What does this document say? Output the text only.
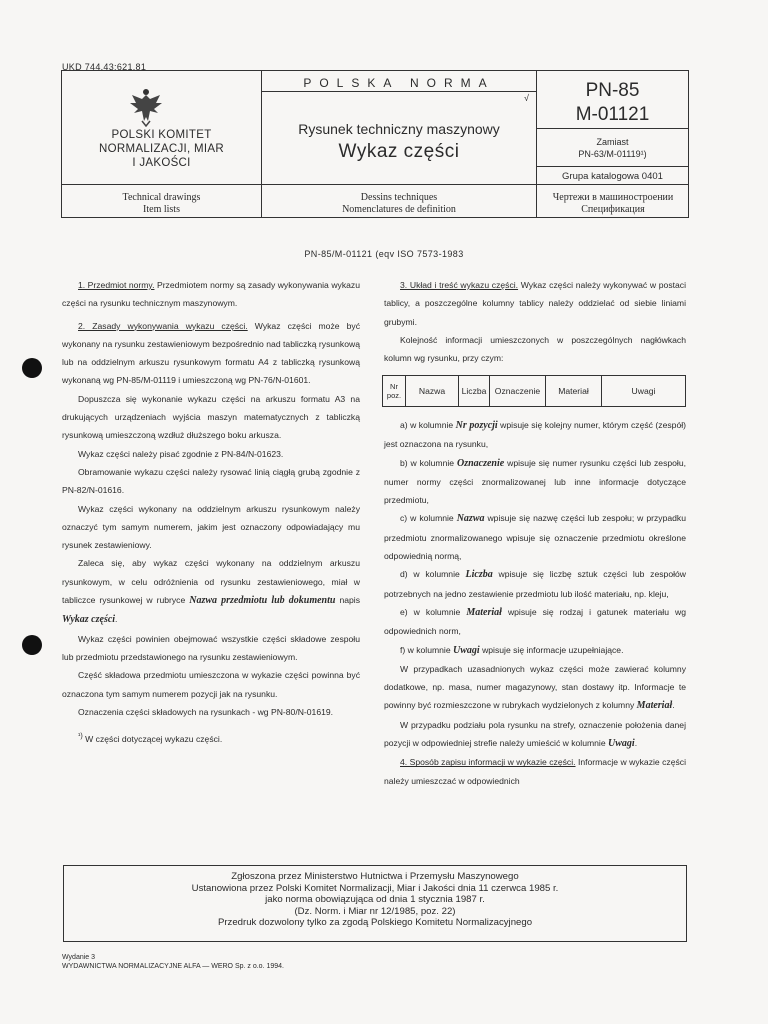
UKD 744.43:621.81
POLSKI KOMITET
NORMALIZACJI, MIAR
I JAKOŚCI
POLSKA NORMA
√
Rysunek techniczny maszynowy
Wykaz części
PN-85
M-01121
Zamiast
PN-63/M-01119¹)
Grupa katalogowa 0401
Technical drawings
Item lists
Dessins techniques
Nomenclatures de definition
Чертежи в машиностроении
Спецификация
PN-85/M-01121 (eqv ISO 7573-1983

1. Przedmiot normy. Przedmiotem normy są zasady wykonywania wykazu części na rysunku technicznym maszynowym.

2. Zasady wykonywania wykazu części. Wykaz części może być wykonany na rysunku zestawieniowym bezpośrednio nad tabliczką rysunkową lub na oddzielnym arkuszu rysunkowym formatu A4 z tabliczką rysunkową wykonaną wg PN-85/M-01119 i umieszczoną wg PN-76/N-01601.

Dopuszcza się wykonanie wykazu części na arkuszu formatu A3 na drukujących urządzeniach wyjścia maszyn matematycznych z tabliczką rysunkową umieszczoną wzdłuż dłuższego boku arkusza.

Wykaz części należy pisać zgodnie z PN-84/N-01623.

Obramowanie wykazu części należy rysować linią ciągłą grubą zgodnie z PN-82/N-01616.

Wykaz części wykonany na oddzielnym arkuszu rysunkowym należy oznaczyć tym samym numerem, jakim jest oznaczony odpowiadający mu rysunek zestawieniowy.

Zaleca się, aby wykaz części wykonany na oddzielnym arkuszu rysunkowym, w celu odróżnienia od rysunku zestawieniowego, miał w tabliczce rysunkowej w rubryce Nazwa przedmiotu lub dokumentu napis Wykaz części.

Wykaz części powinien obejmować wszystkie części składowe zespołu lub przedmiotu przedstawionego na rysunku zestawieniowym.

Część składowa przedmiotu umieszczona w wykazie części powinna być oznaczona tym samym numerem pozycji jak na rysunku.

Oznaczenia części składowych na rysunkach - wg PN-80/N-01619.

$^{^1)}$ W części dotyczącej wykazu części.

3. Układ i treść wykazu części. Wykaz części należy wykonywać w postaci tablicy, a poszczególne kolumny tablicy należy oddzielać od siebie liniami grubymi.

Kolejność informacji umieszczonych w poszczególnych nagłówkach kolumn wg rysunku, przy czym:

Nr poz.	Nazwa	Liczba	Oznaczenie	Materiał	Uwagi

a) w kolumnie Nr pozycji wpisuje się kolejny numer, którym część (zespół) jest oznaczona na rysunku,

b) w kolumnie Oznaczenie wpisuje się numer rysunku części lub zespołu, numer normy części znormalizowanej lub inne informacje dotyczące przedmiotu,

c) w kolumnie Nazwa wpisuje się nazwę części lub zespołu; w przypadku przedmiotu znormalizowanego wpisuje się oznaczenie przedmiotu określone odpowiednią normą,

d) w kolumnie Liczba wpisuje się liczbę sztuk części lub zespołów potrzebnych na jedno zestawienie przedmiotu lub ilość materiału, np. kleju,

e) w kolumnie Materiał wpisuje się rodzaj i gatunek materiału wg odpowiednich norm,

f) w kolumnie Uwagi wpisuje się informacje uzupełniające.

W przypadkach uzasadnionych wykaz części może zawierać kolumny dodatkowe, np. masa, numer magazynowy, stan dostawy itp. Informacje te powinny być rozmieszczone w rubrykach wydzielonych z kolumny Materiał.

W przypadku podziału pola rysunku na strefy, oznaczenie położenia danej pozycji w odpowiedniej strefie należy umieścić w kolumnie Uwagi.

4. Sposób zapisu informacji w wykazie części. Informacje w wykazie części należy umieszczać w odpowiednich

Zgłoszona przez Ministerstwo Hutnictwa i Przemysłu Maszynowego
Ustanowiona przez Polski Komitet Normalizacji, Miar i Jakości dnia 11 czerwca 1985 r.
jako norma obowiązująca od dnia 1 stycznia 1987 r.
(Dz. Norm. i Miar nr 12/1985, poz. 22)
Przedruk dozwolony tylko za zgodą Polskiego Komitetu Normalizacyjnego
Wydanie 3
WYDAWNICTWA NORMALIZACYJNE ALFA — WERO Sp. z o.o. 1994.
